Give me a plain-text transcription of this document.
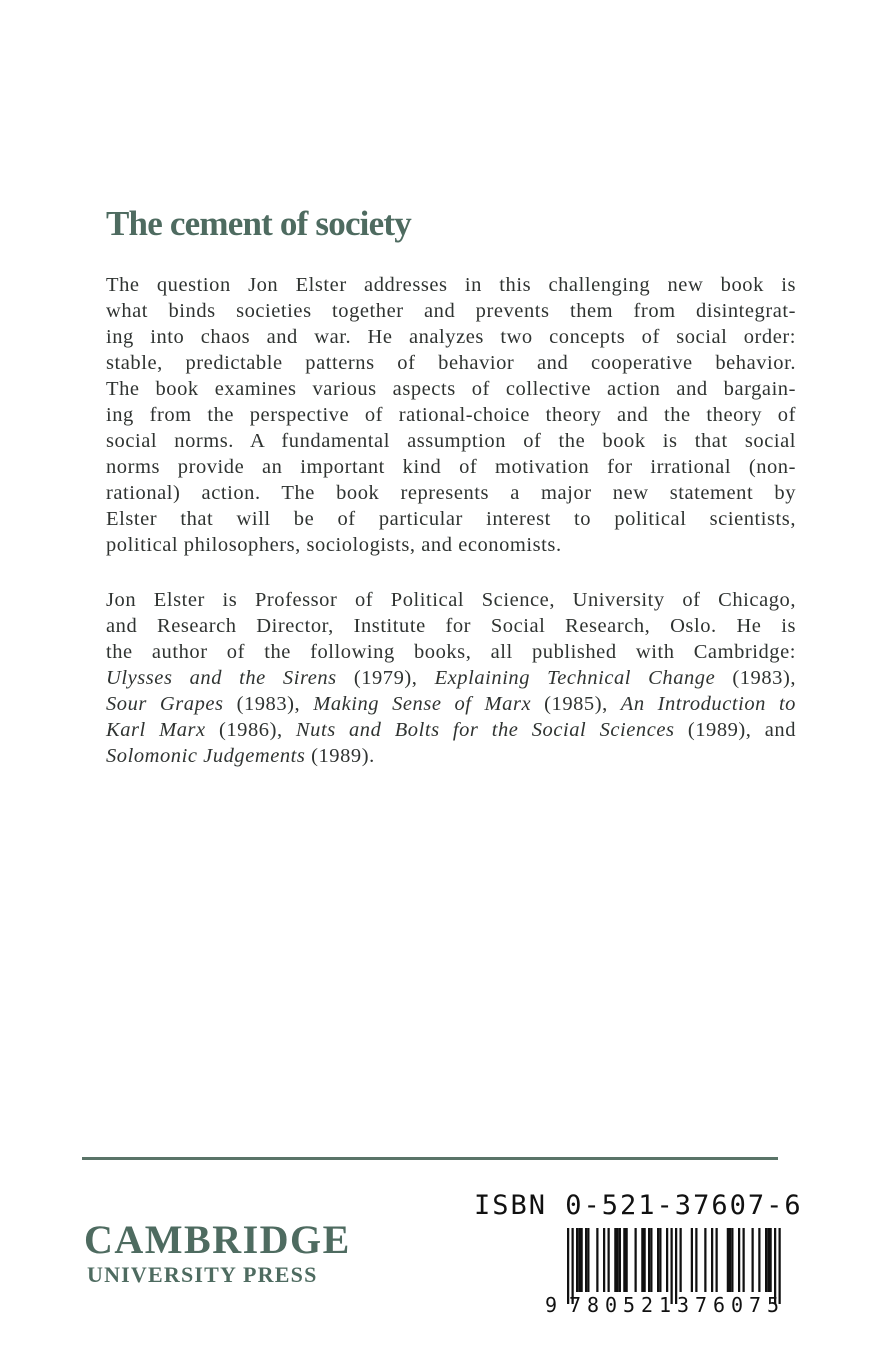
The cement of society

The question Jon Elster addresses in this challenging new book is
what binds societies together and prevents them from disintegrat-
ing into chaos and war. He analyzes two concepts of social order:
stable, predictable patterns of behavior and cooperative behavior.
The book examines various aspects of collective action and bargain-
ing from the perspective of rational-choice theory and the theory of
social norms. A fundamental assumption of the book is that social
norms provide an important kind of motivation for irrational (non-
rational) action. The book represents a major new statement by
Elster that will be of particular interest to political scientists,
political philosophers, sociologists, and economists.

Jon Elster is Professor of Political Science, University of Chicago,
and Research Director, Institute for Social Research, Oslo. He is
the author of the following books, all published with Cambridge:
Ulysses and the Sirens (1979), Explaining Technical Change (1983),
Sour Grapes (1983), Making Sense of Marx (1985), An Introduction to
Karl Marx (1986), Nuts and Bolts for the Social Sciences (1989), and
Solomonic Judgements (1989).

CAMBRIDGE
UNIVERSITY PRESS
ISBN 0-521-37607-6
9 780521376075
